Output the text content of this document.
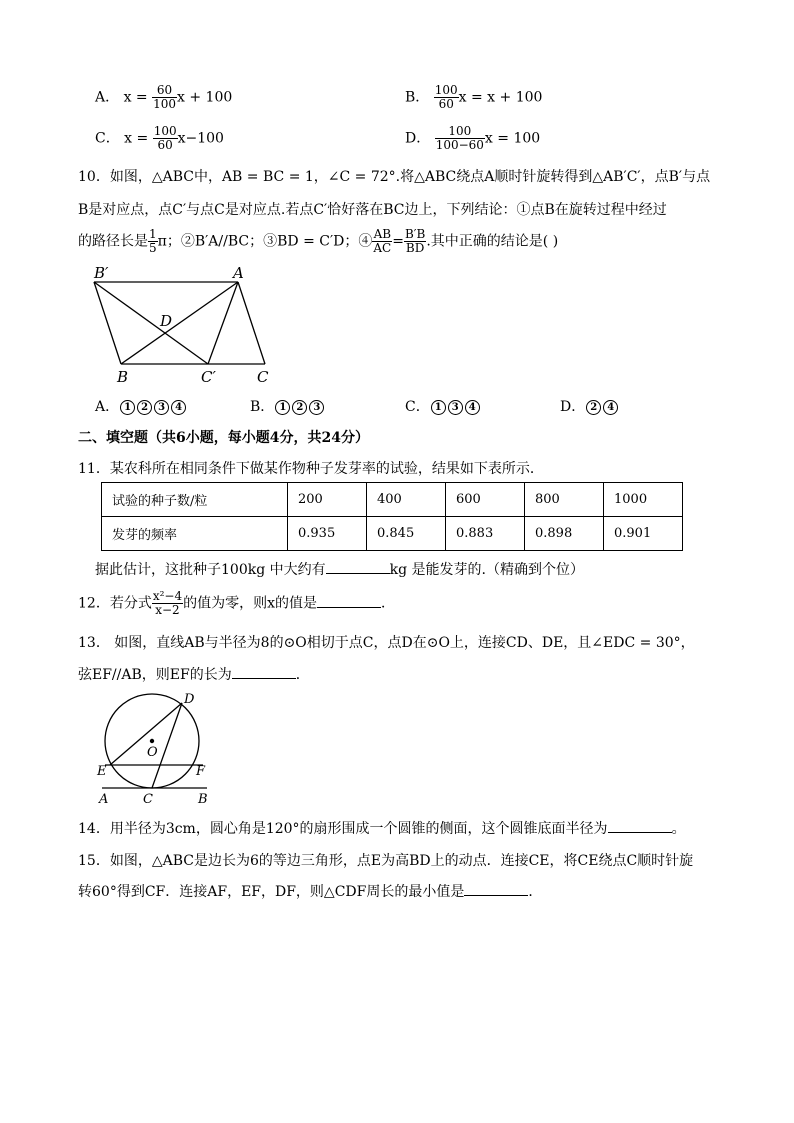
A． $x = \frac{60}{100}$ x + 100	B． $\frac{100}{60}$ x = x + 100
C． $x = \frac{100}{60} x-100$	D． $\frac{100}{100-60}$ x = 100
10．如图，△ABC中，AB = BC = 1，∠C = 72°.将△ABC绕点A顺时针旋转得到△AB′C′，点B′与点
B是对应点，点C′与点C是对应点.若点C′恰好落在BC边上，下列结论：①点B在旋转过程中经过
的路径长是 $\frac{1}{5}$ π；②B′A//BC；③BD = C′D；④ $\frac{AB}{AC} = \frac{B'B}{BD}$ .其中正确的结论是( )
B′	A
D
B	C′	C
A． 1 2 3 4	B． 1 2 3	C． 1 3 4	D． 2 4
二、填空题（共6小题，每小题4分，共24分）
11．某农科所在相同条件下做某作物种子发芽率的试验，结果如下表所示．
试验的种子数/粒	200	400	600	800	1000
发芽的频率	0.935	0.845	0.883	0.898	0.901
据此估计，这批种子100kg 中大约有	kg 是能发芽的.（精确到个位）
12．若分式 $\frac{\text{x²−4}}{x-2}$ 的值为零，则x的值是	．
13． 如图，直线AB与半径为8的⊙O相切于点C，点D在⊙O上，连接CD、DE，且∠EDC = 30°，
弦EF//AB，则EF的长为	．
D
O
E	F
A	C	B
14．用半径为3cm，圆心角是120°的扇形围成一个圆锥的侧面，这个圆锥底面半径为	。
15．如图，△ABC是边长为6的等边三角形，点E为高BD上的动点．连接CE，将CE绕点C顺时针旋
转60°得到CF．连接AF，EF，DF，则△CDF周长的最小值是	．
